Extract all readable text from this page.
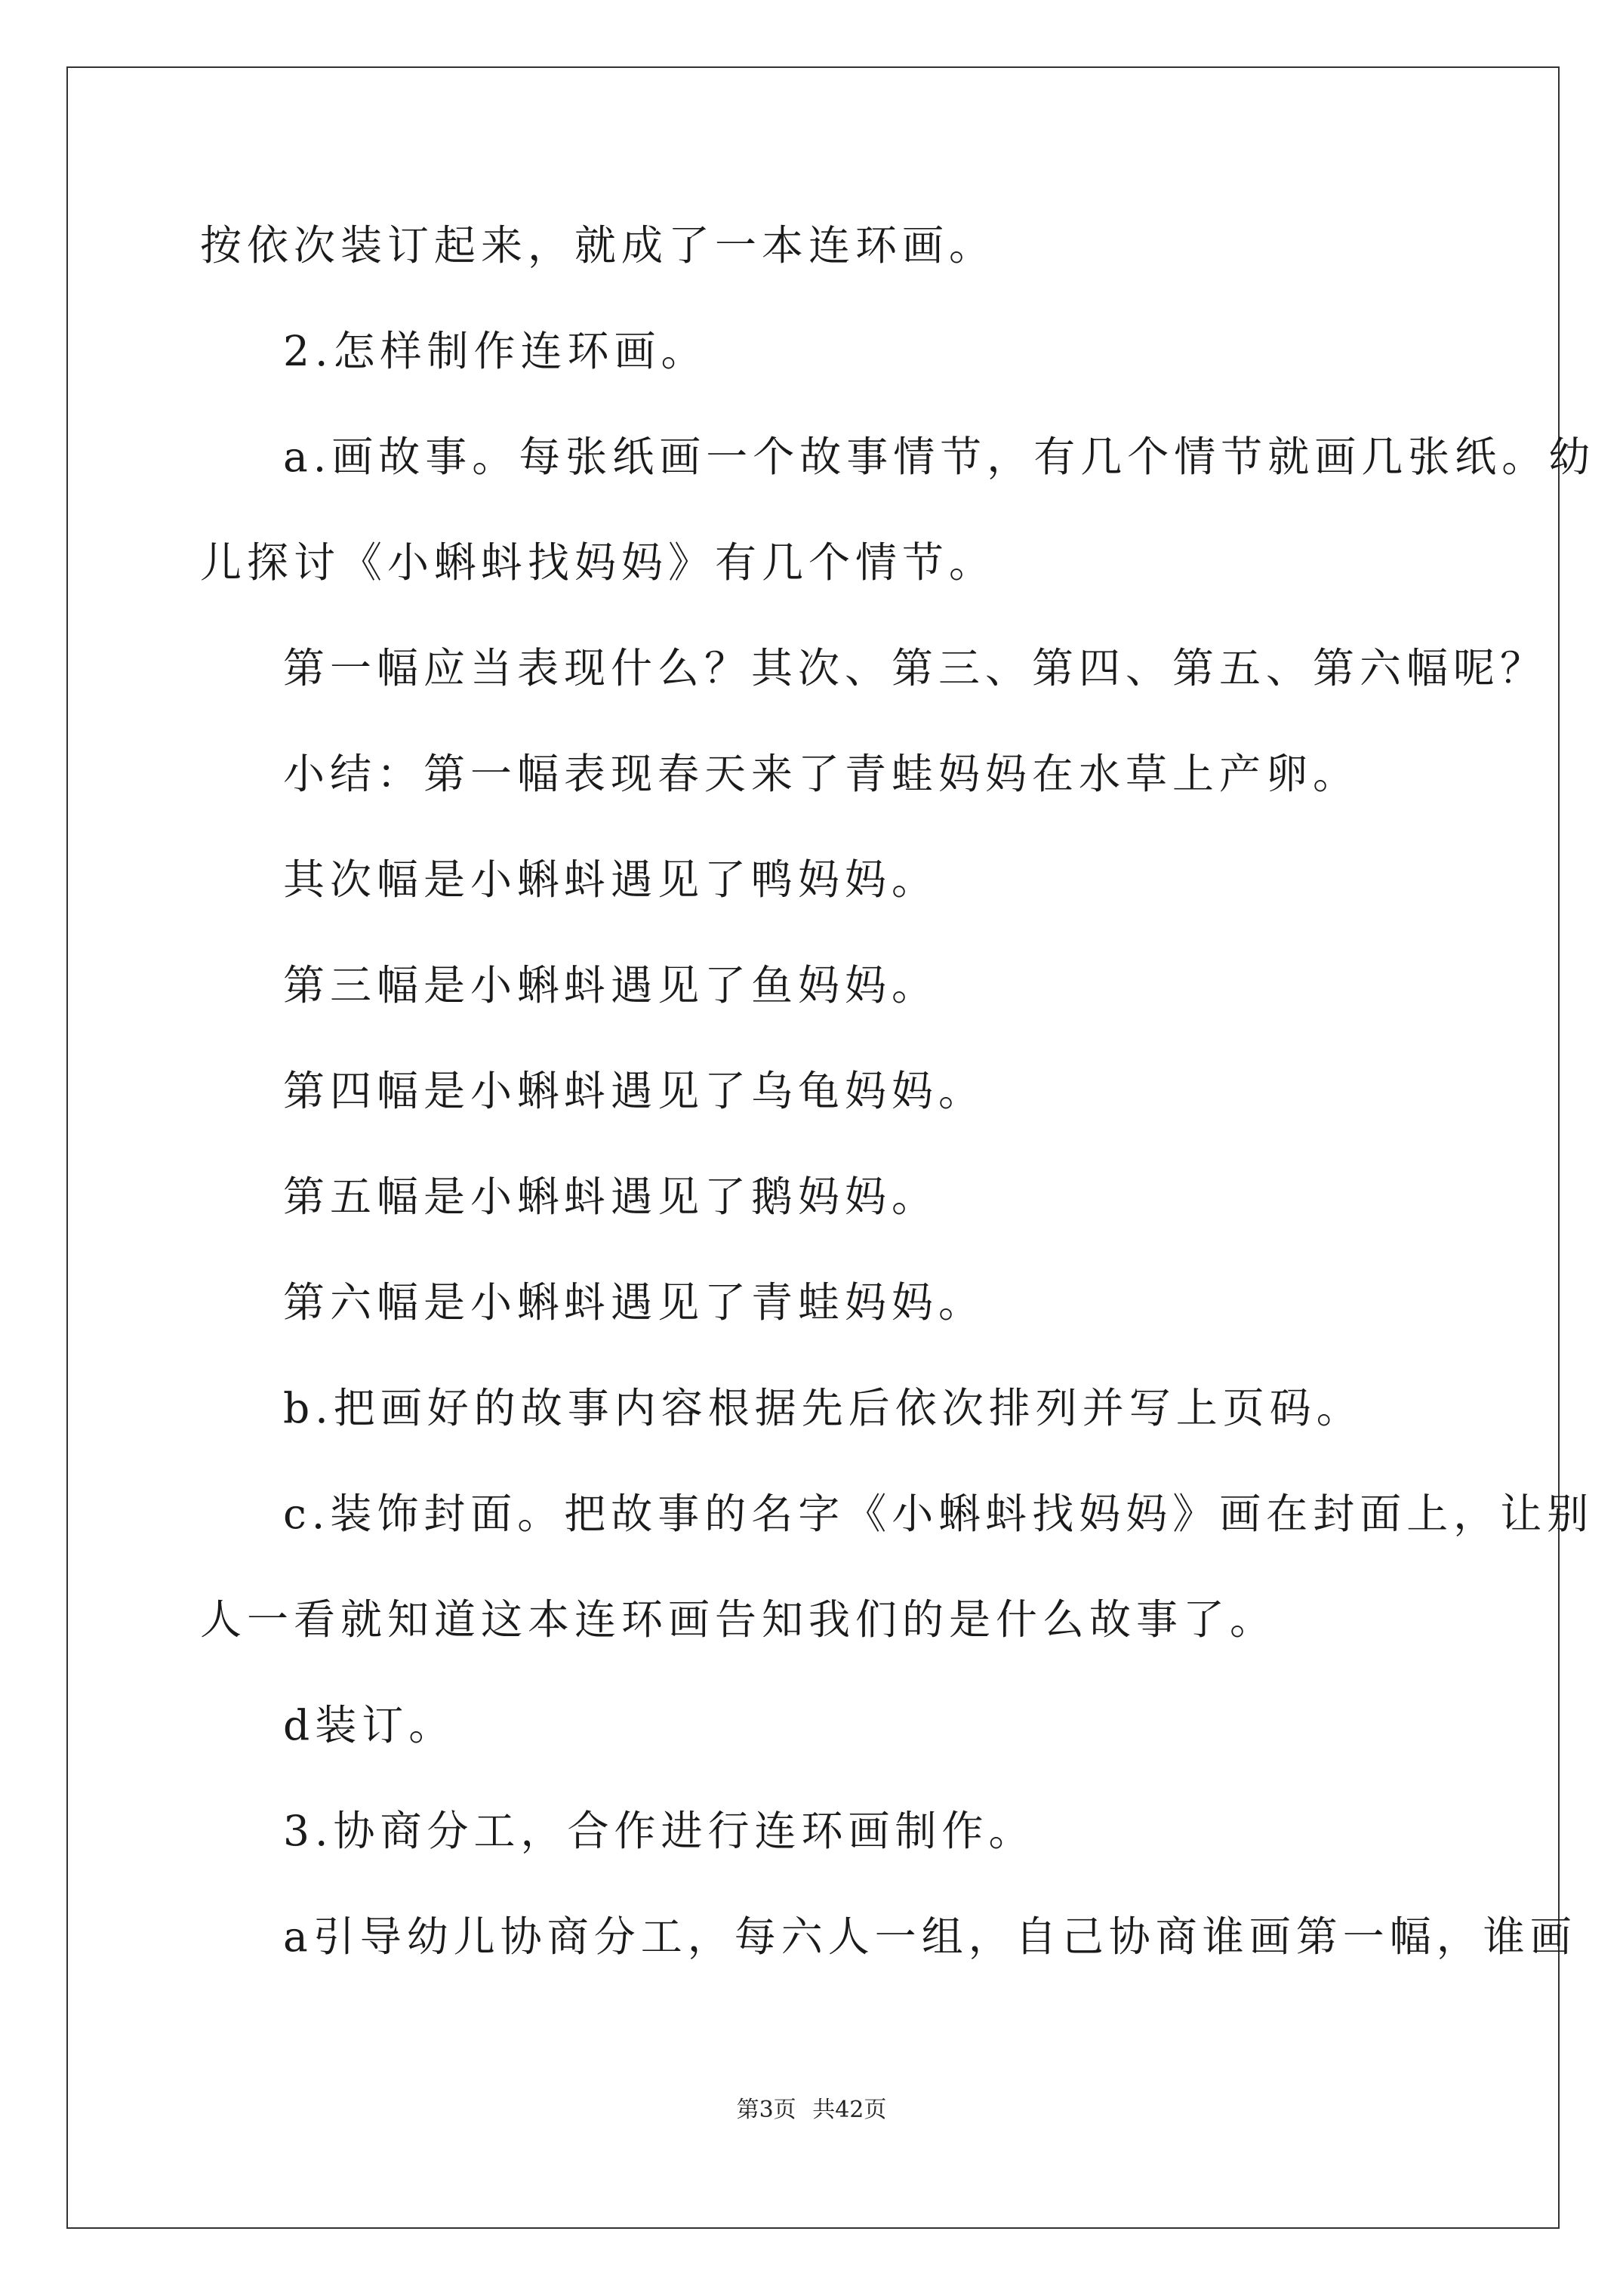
按依次装订起来，就成了一本连环画。
2.怎样制作连环画。
a.画故事。每张纸画一个故事情节，有几个情节就画几张纸。幼
儿探讨《小蝌蚪找妈妈》有几个情节。
第一幅应当表现什么？其次、第三、第四、第五、第六幅呢？
小结：第一幅表现春天来了青蛙妈妈在水草上产卵。
其次幅是小蝌蚪遇见了鸭妈妈。
第三幅是小蝌蚪遇见了鱼妈妈。
第四幅是小蝌蚪遇见了乌龟妈妈。
第五幅是小蝌蚪遇见了鹅妈妈。
第六幅是小蝌蚪遇见了青蛙妈妈。
b.把画好的故事内容根据先后依次排列并写上页码。
c.装饰封面。把故事的名字《小蝌蚪找妈妈》画在封面上，让别
人一看就知道这本连环画告知我们的是什么故事了。
d装订。
3.协商分工，合作进行连环画制作。
a引导幼儿协商分工，每六人一组，自己协商谁画第一幅，谁画
第3页 共42页
